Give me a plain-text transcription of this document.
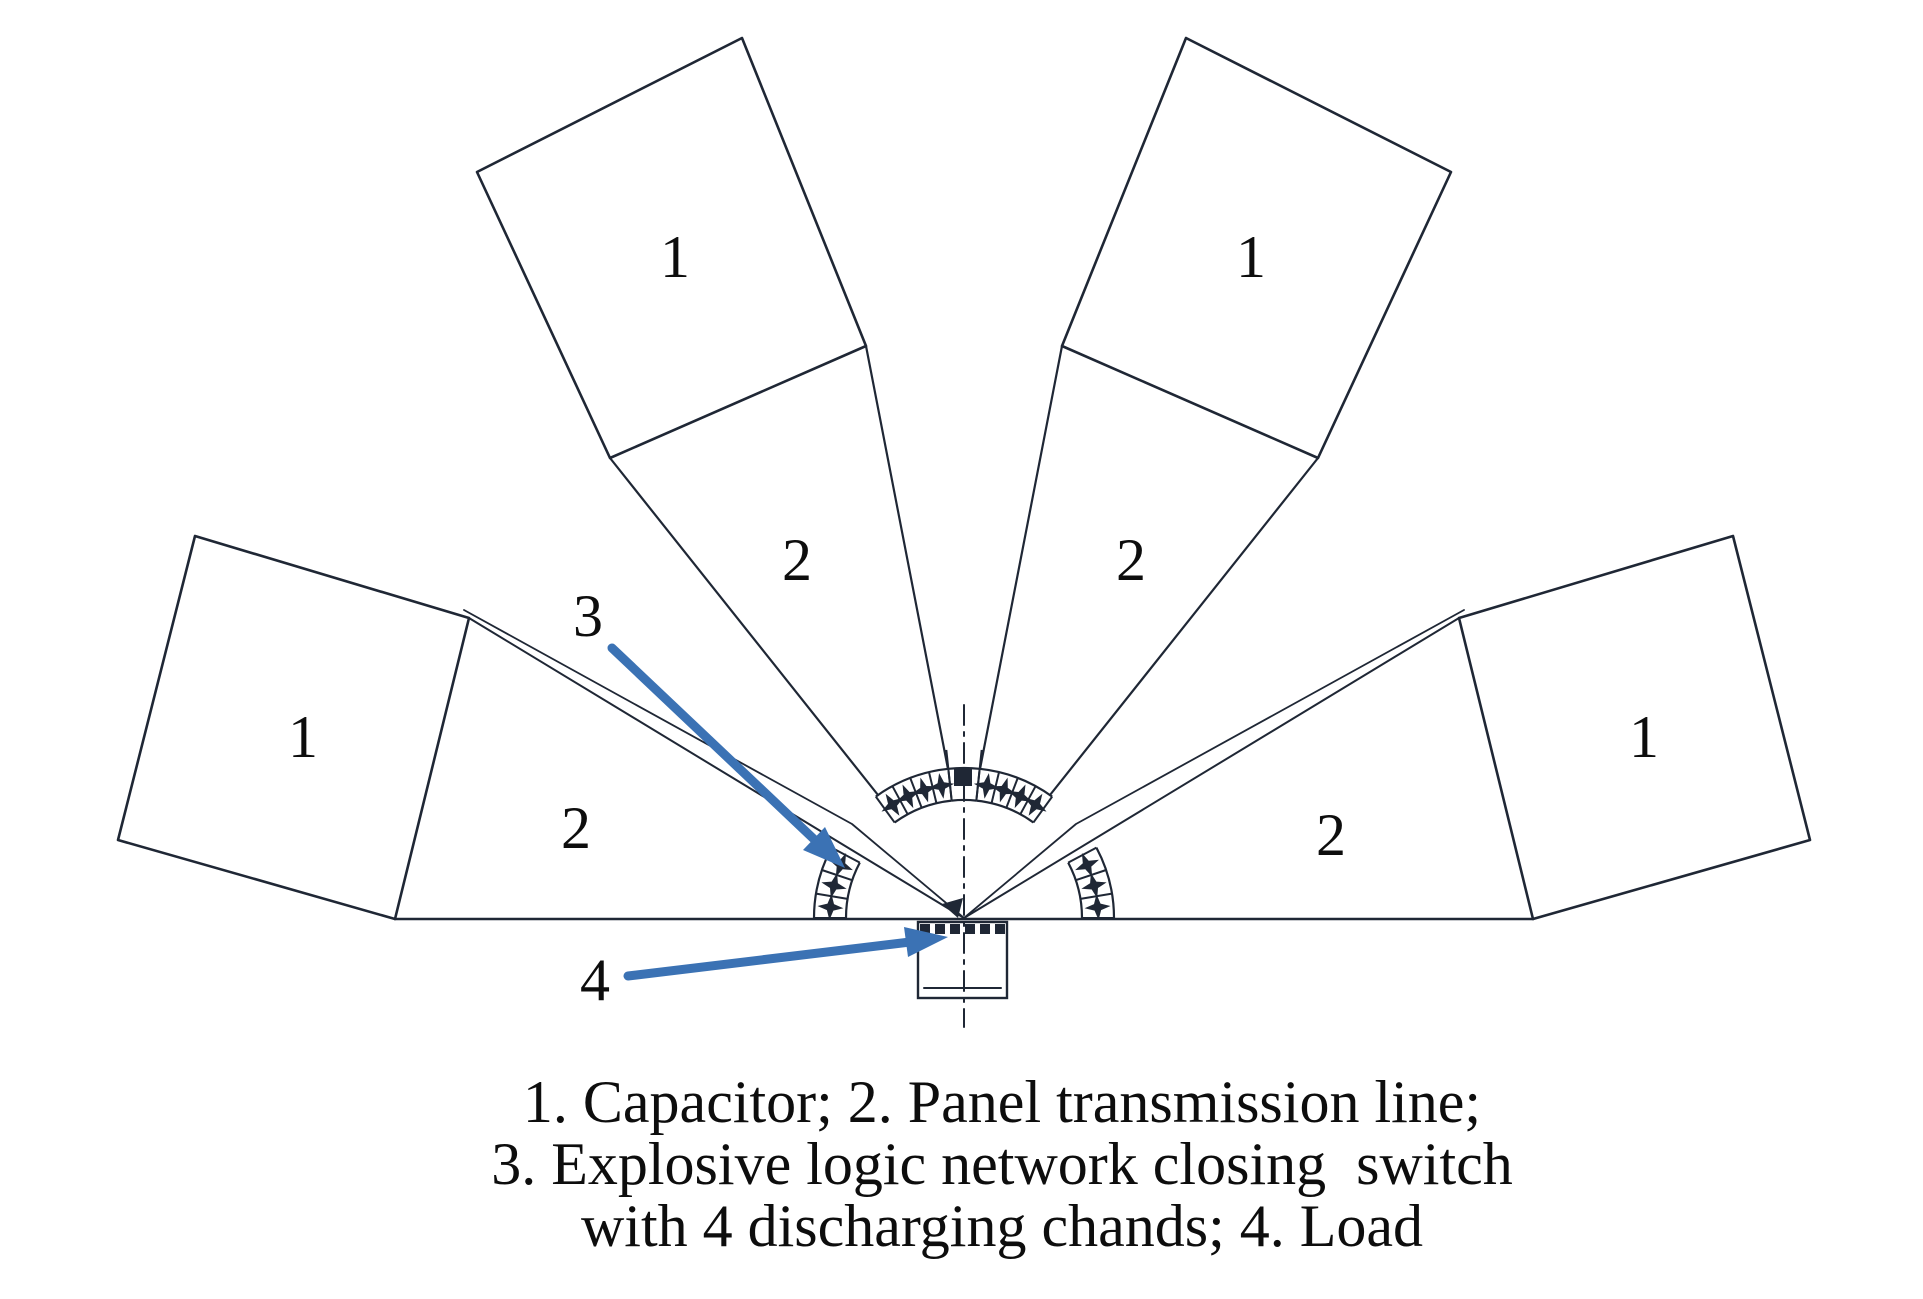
1
1	1
1
2
2	2
2
3
4
1. Capacitor; 2. Panel transmission line;
3. Explosive logic network closing  switch
with 4 discharging chands; 4. Load
